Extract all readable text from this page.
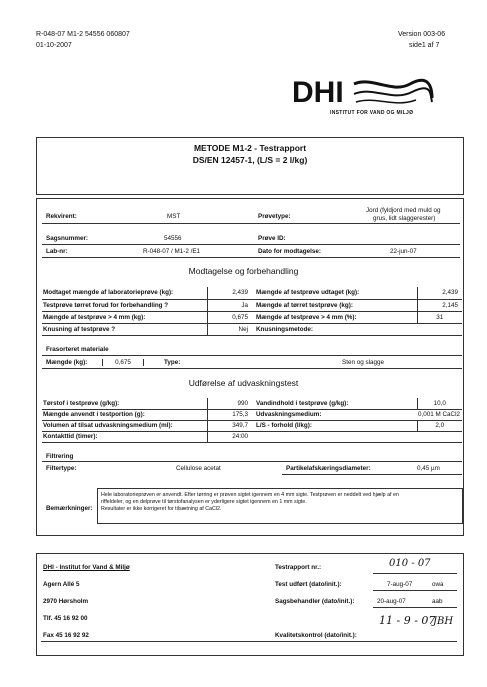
R-048-07 M1-2 54556 060807
01-10-2007
Version 003-06
side1 af 7
DHI
INSTITUT FOR VAND OG MILJØ
METODE M1-2 - Testrapport
DS/EN 12457-1, (L/S = 2 l/kg)
Rekvirent:	MST	Prøvetype:
Jord (fyldjord med muld og
grus, lidt slaggerester)
Sagsnummer:	54556	Prøve ID:
Lab-nr:	R-048-07 / M1-2 /E1	Dato for modtagelse:	22-jun-07
Modtagelse og forbehandling
Modtaget mængde af laboratorieprøve (kg):	2,439	Mængde af testprøve udtaget (kg):	2,439
Testprøve tørret forud for forbehandling ?	Ja	Mængde af tørret testprøve (kg):	2,145
Mængde af testprøve > 4 mm (kg):	0,675	Mængde af testprøve > 4 mm (%):	31
Knusning af testprøve ?	Nej	Knusningsmetode:	
Frasorteret materiale
Mængde (kg):	0,675	Type:	Sten og slagge
Udførelse af udvaskningstest
Tørstof i testprøve (g/kg):	990	Vandindhold i testprøve (g/kg):	10,0
Mængde anvendt i testportion (g):	175,3	Udvaskningsmedium:	0,001 M CaCl2
Volumen af tilsat udvaskningsmedium (ml):	349,7	L/S - forhold (l/kg):	2,0
Kontakttid (timer):	24:00		
Filtrering
Filtertype:	Cellulose acetat	Partikelafskæringsdiameter:	0,45 µm
Bemærkninger:
Hele laboratorieprøven er anvendt. Efter tørring er prøven sigtet igennem en 4 mm sigte. Testprøven er neddelt ved hjælp af en
riffeldeler, og en delprøve til tørstofanalysen er yderligere sigtet igennem en 1 mm sigte.
Resultater er ikke korrigeret for tilsætning af CaCl2.
DHI - Institut for Vand & Miljø
Agern Allé 5
2970 Hørsholm
Tlf. 45 16 92 00
Fax 45 16 92 92
Testrapport nr.:	010 - 07
Test udført (dato/init.):	7-aug-07	owa
Sagsbehandler (dato/init.):	20-aug-07	aab
Kvalitetskontrol (dato/init.):
11 - 9 - 07
JBH
